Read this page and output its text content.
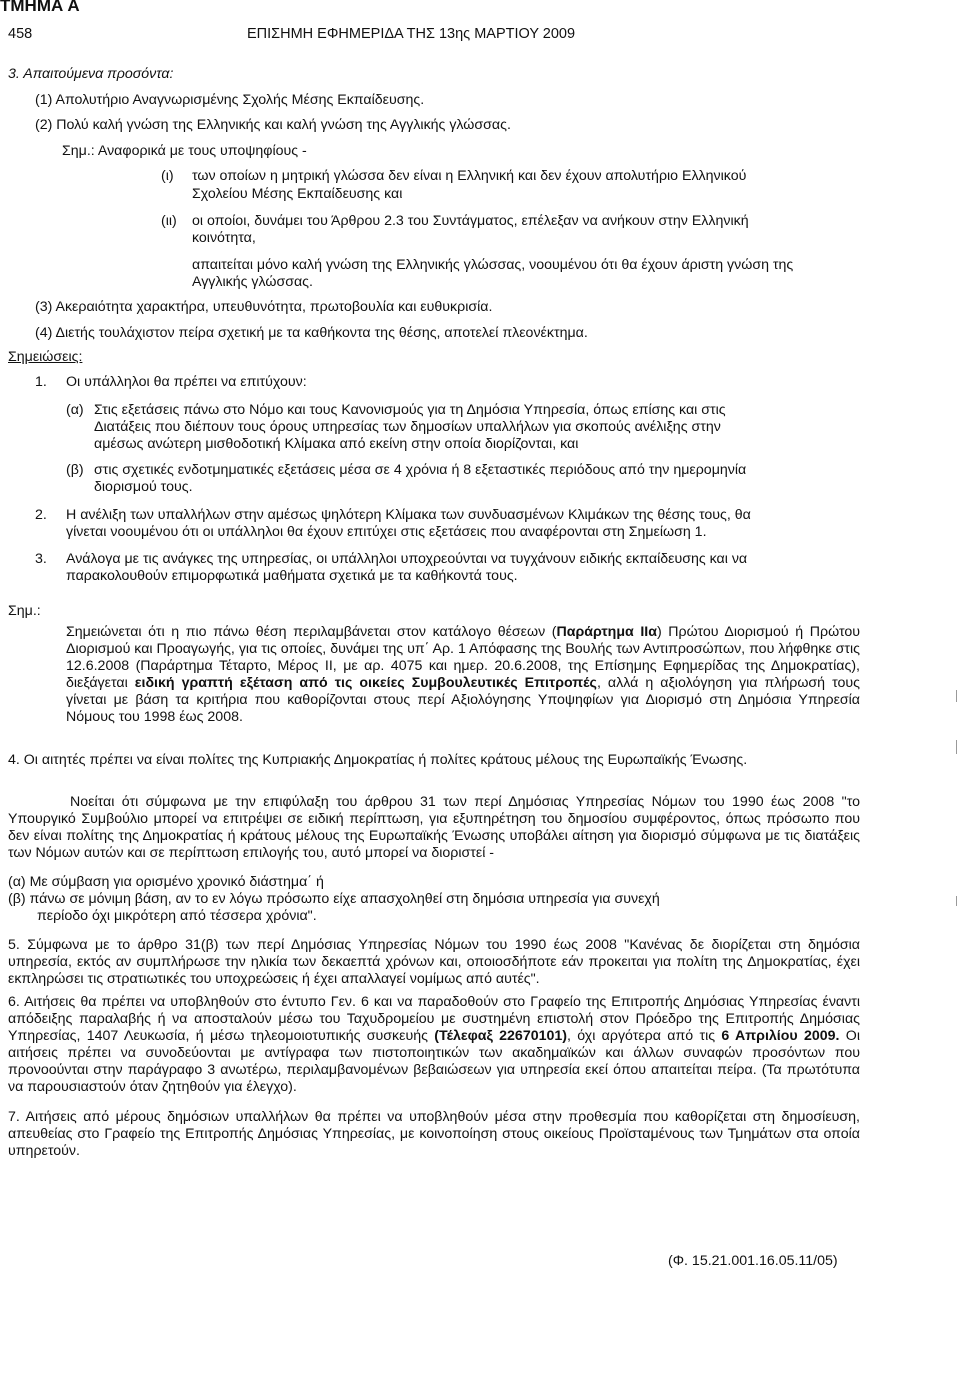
ΤΜΗΜΑ Α
458	ΕΠΙΣΗΜΗ ΕΦΗΜΕΡΙΔΑ ΤΗΣ 13ης ΜΑΡΤΙΟΥ 2009
3. Απαιτούμενα προσόντα:
(1) Απολυτήριο Αναγνωρισμένης Σχολής Μέσης Εκπαίδευσης.
(2) Πολύ καλή γνώση της Ελληνικής και καλή γνώση της Αγγλικής γλώσσας.
Σημ.: Αναφορικά με τους υποψηφίους -
(ι) των οποίων η μητρική γλώσσα δεν είναι η Ελληνική και δεν έχουν απολυτήριο Ελληνικού
Σχολείου Μέσης Εκπαίδευσης και
(ιι) οι οποίοι, δυνάμει του Άρθρου 2.3 του Συντάγματος, επέλεξαν να ανήκουν στην Ελληνική
κοινότητα,
απαιτείται μόνο καλή γνώση της Ελληνικής γλώσσας, νοουμένου ότι θα έχουν άριστη γνώση της
Αγγλικής γλώσσας.
(3) Ακεραιότητα χαρακτήρα, υπευθυνότητα, πρωτοβουλία και ευθυκρισία.
(4) Διετής τουλάχιστον πείρα σχετική με τα καθήκοντα της θέσης, αποτελεί πλεονέκτημα.
Σημειώσεις:
1. Οι υπάλληλοι θα πρέπει να επιτύχουν:
(α) Στις εξετάσεις πάνω στο Νόμο και τους Κανονισμούς για τη Δημόσια Υπηρεσία, όπως επίσης και στις
Διατάξεις που διέπουν τους όρους υπηρεσίας των δημοσίων υπαλλήλων για σκοπούς ανέλιξης στην
αμέσως ανώτερη μισθοδοτική Κλίμακα από εκείνη στην οποία διορίζονται, και
(β) στις σχετικές ενδοτμηματικές εξετάσεις μέσα σε 4 χρόνια ή 8 εξεταστικές περιόδους από την ημερομηνία
διορισμού τους.
2. Η ανέλιξη των υπαλλήλων στην αμέσως ψηλότερη Κλίμακα των συνδυασμένων Κλιμάκων της θέσης τους, θα
γίνεται νοουμένου ότι οι υπάλληλοι θα έχουν επιτύχει στις εξετάσεις που αναφέρονται στη Σημείωση 1.
3. Ανάλογα με τις ανάγκες της υπηρεσίας, οι υπάλληλοι υποχρεούνται να τυγχάνουν ειδικής εκπαίδευσης και να
παρακολουθούν επιμορφωτικά μαθήματα σχετικά με τα καθήκοντά τους.
Σημ.:
Σημειώνεται ότι η πιο πάνω θέση περιλαμβάνεται στον κατάλογο θέσεων (Παράρτημα IIα) Πρώτου Διορισμού ή Πρώτου Διορισμού και Προαγωγής, για τις οποίες, δυνάμει της υπ΄ Αρ. 1 Απόφασης της Βουλής των Αντιπροσώπων, που λήφθηκε στις 12.6.2008 (Παράρτημα Τέταρτο, Μέρος ΙΙ, με αρ. 4075 και ημερ. 20.6.2008, της Επίσημης Εφημερίδας της Δημοκρατίας), διεξάγεται ειδική γραπτή εξέταση από τις οικείες Συμβουλευτικές Επιτροπές, αλλά η αξιολόγηση για πλήρωσή τους γίνεται με βάση τα κριτήρια που καθορίζονται στους περί Αξιολόγησης Υποψηφίων για Διορισμό στη Δημόσια Υπηρεσία Νόμους του 1998 έως 2008.
4. Οι αιτητές πρέπει να είναι πολίτες της Κυπριακής Δημοκρατίας ή πολίτες κράτους μέλους της Ευρωπαϊκής Ένωσης.
Νοείται ότι σύμφωνα με την επιφύλαξη του άρθρου 31 των περί Δημόσιας Υπηρεσίας Νόμων του 1990 έως 2008 "το Υπουργικό Συμβούλιο μπορεί να επιτρέψει σε ειδική περίπτωση, για εξυπηρέτηση του δημοσίου συμφέροντος, όπως πρόσωπο που δεν είναι πολίτης της Δημοκρατίας ή κράτους μέλους της Ευρωπαϊκής Ένωσης υποβάλει αίτηση για διορισμό σύμφωνα με τις διατάξεις των Νόμων αυτών και σε περίπτωση επιλογής του, αυτό μπορεί να διοριστεί -
(α) Με σύμβαση για ορισμένο χρονικό διάστημα΄ ή
(β) πάνω σε μόνιμη βάση, αν το εν λόγω πρόσωπο είχε απασχοληθεί στη δημόσια υπηρεσία για συνεχή
περίοδο όχι μικρότερη από τέσσερα χρόνια".
5. Σύμφωνα με το άρθρο 31(β) των περί Δημόσιας Υπηρεσίας Νόμων του 1990 έως 2008 "Κανένας δε διορίζεται στη δημόσια υπηρεσία, εκτός αν συμπλήρωσε την ηλικία των δεκαεπτά χρόνων και, οποιοσδήποτε εάν προκειται για πολίτη της Δημοκρατίας, έχει εκπληρώσει τις στρατιωτικές του υποχρεώσεις ή έχει απαλλαγεί νομίμως από αυτές".
6. Αιτήσεις θα πρέπει να υποβληθούν στο έντυπο Γεν. 6 και να παραδοθούν στο Γραφείο της Επιτροπής Δημόσιας Υπηρεσίας έναντι απόδειξης παραλαβής ή να αποσταλούν μέσω του Ταχυδρομείου με συστημένη επιστολή στον Πρόεδρο της Επιτροπής Δημόσιας Υπηρεσίας, 1407 Λευκωσία, ή μέσω τηλεομοιοτυπικής συσκευής (Τέλεφαξ 22670101), όχι αργότερα από τις 6 Απριλίου 2009. Οι αιτήσεις πρέπει να συνοδεύονται με αντίγραφα των πιστοποιητικών των ακαδημαϊκών και άλλων συναφών προσόντων που προνοούνται στην παράγραφο 3 ανωτέρω, περιλαμβανομένων βεβαιώσεων για υπηρεσία εκεί όπου απαιτείται πείρα. (Τα πρωτότυπα να παρουσιαστούν όταν ζητηθούν για έλεγχο).
7. Αιτήσεις από μέρους δημόσιων υπαλλήλων θα πρέπει να υποβληθούν μέσα στην προθεσμία που καθορίζεται στη δημοσίευση, απευθείας στο Γραφείο της Επιτροπής Δημόσιας Υπηρεσίας, με κοινοποίηση στους οικείους Προϊσταμένους των Τμημάτων στα οποία υπηρετούν.
(Φ. 15.21.001.16.05.11/05)
